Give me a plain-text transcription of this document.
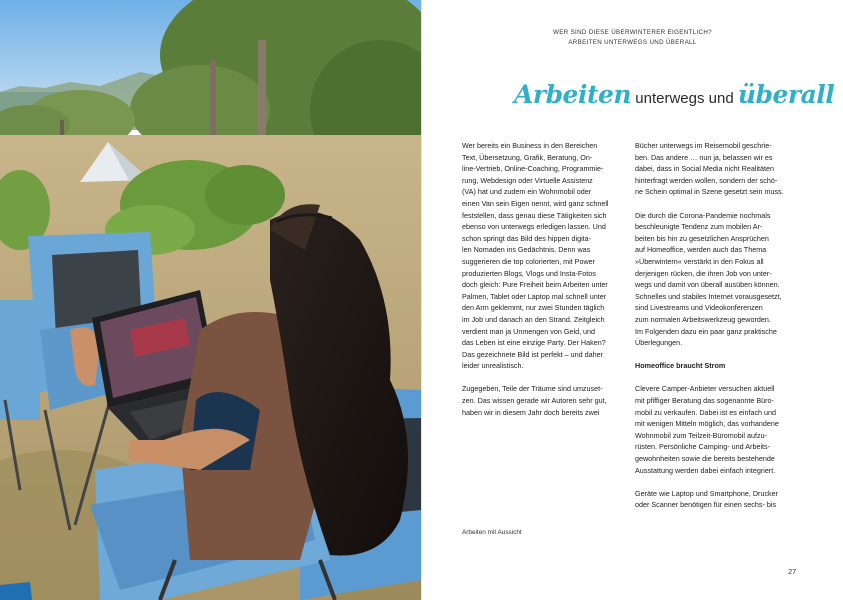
WER SIND DIESE ÜBERWINTERER EIGENTLICH?
ARBEITEN UNTERWEGS UND ÜBERALL
Arbeiten unterwegs und überall
Wer bereits ein Business in den Bereichen
Text, Übersetzung, Grafik, Beratung, On-
line-Vertrieb, Online-Coaching, Programmie-
rung, Webdesign oder Virtuelle Assistenz
(VA) hat und zudem ein Wohnmobil oder
einen Van sein Eigen nennt, wird ganz schnell
feststellen, dass genau diese Tätigkeiten sich
ebenso von unterwegs erledigen lassen. Und
schon springt das Bild des hippen digita-
len Nomaden ins Gedächtnis. Denn was
suggerieren die top colorierten, mit Power
produzierten Blogs, Vlogs und Insta-Fotos
doch gleich: Pure Freiheit beim Arbeiten unter
Palmen, Tablet oder Laptop mal schnell unter
den Arm geklemmt, nur zwei Stunden täglich
im Job und danach an den Strand. Zeitgleich
verdient man ja Unmengen von Geld, und
das Leben ist eine einzige Party. Der Haken?
Das gezeichnete Bild ist perfekt – und daher
leider unrealistisch.
Zugegeben, Teile der Träume sind umzuset-
zen. Das wissen gerade wir Autoren sehr gut,
haben wir in diesem Jahr doch bereits zwei
Bücher unterwegs im Reisemobil geschrie-
ben. Das andere … nun ja, belassen wir es
dabei, dass in Social Media nicht Realitäten
hinterfragt werden wollen, sondern der schö-
ne Schein optimal in Szene gesetzt sein muss.
Die durch die Corona-Pandemie nochmals
beschleunigte Tendenz zum mobilen Ar-
beiten bis hin zu gesetzlichen Ansprüchen
auf Homeoffice, werden auch das Thema
»Überwintern« verstärkt in den Fokus all
derjenigen rücken, die ihren Job von unter-
wegs und damit von überall ausüben können.
Schnelles und stabiles Internet vorausgesetzt,
sind Livestreams und Videokonferenzen
zum normalen Arbeitswerkzeug geworden.
Im Folgenden dazu ein paar ganz praktische
Überlegungen.
Homeoffice braucht Strom
Clevere Camper-Anbieter versuchen aktuell
mit pfiffiger Beratung das sogenannte Büro-
mobil zu verkaufen. Dabei ist es einfach und
mit wenigen Mitteln möglich, das vorhandene
Wohnmobil zum Teilzeit-Büromobil aufzu-
rüsten. Persönliche Camping- und Arbeits-
gewohnheiten sowie die bereits bestehende
Ausstattung werden dabei einfach integriert.
Geräte wie Laptop und Smartphone, Drucker
oder Scanner benötigen für einen sechs- bis
Arbeiten mit Aussicht
27
